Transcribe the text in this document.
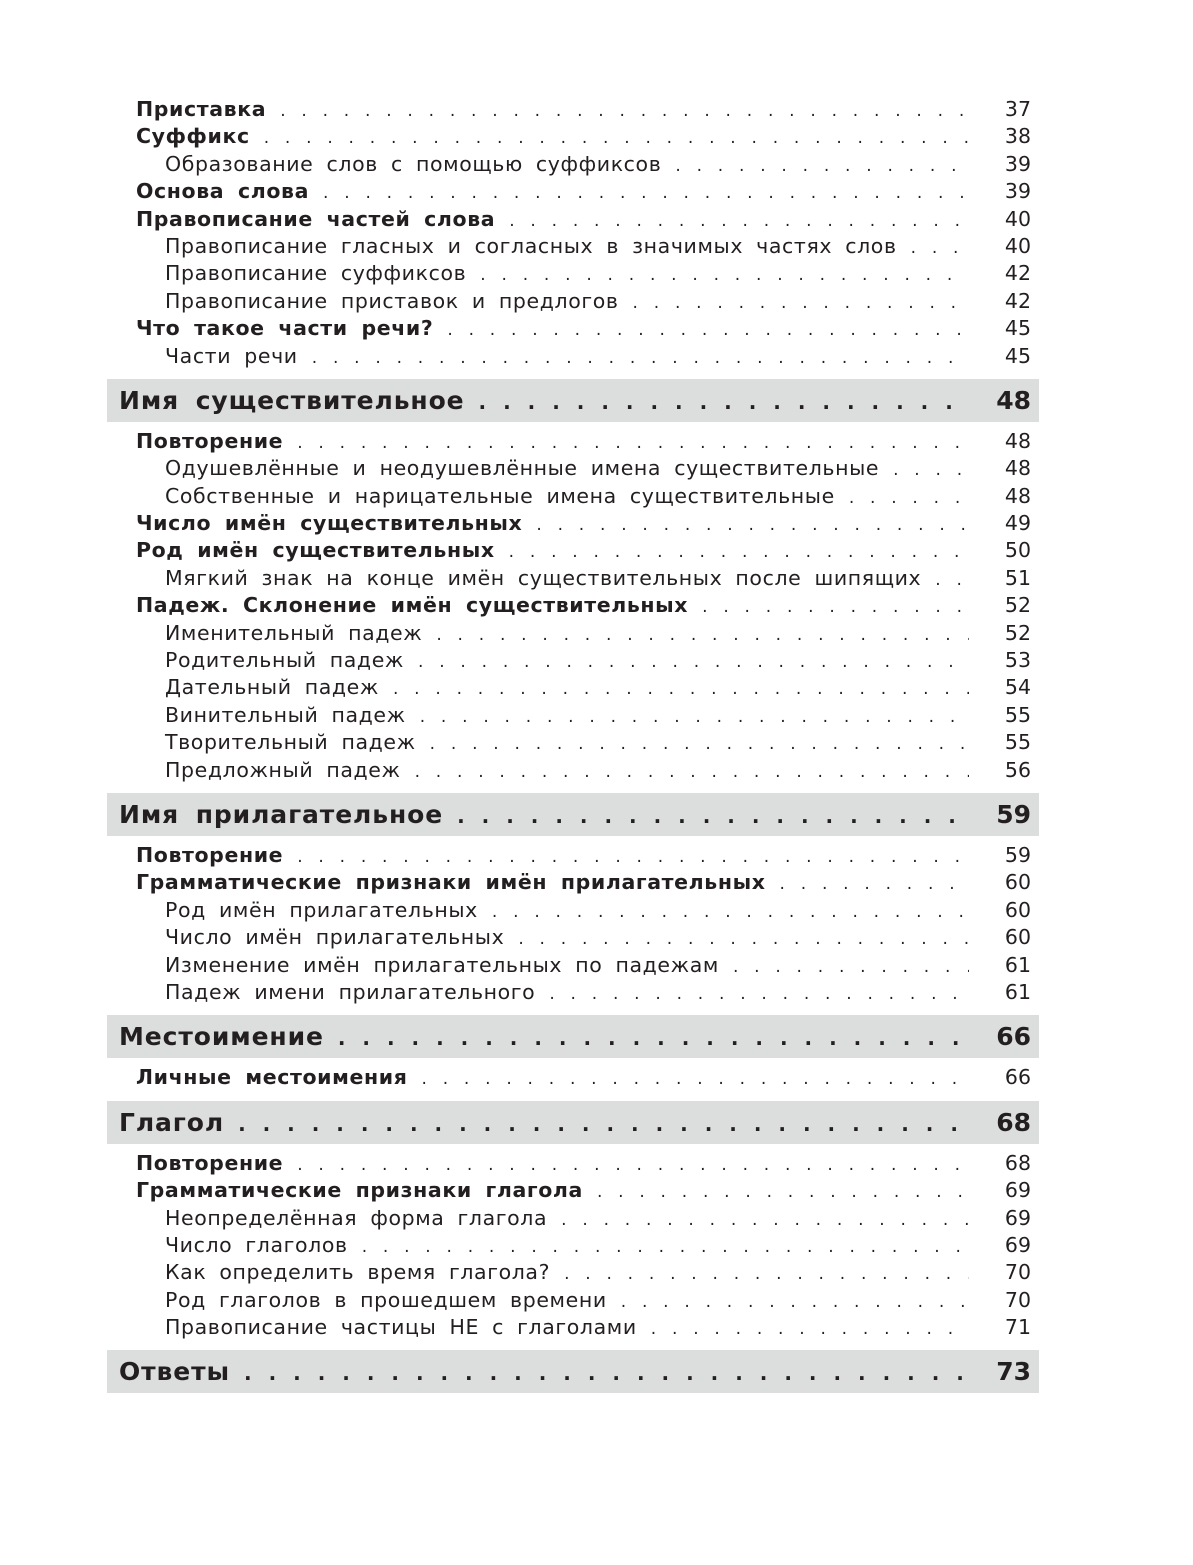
Приставка . . .	37
Суффикс . . .	38
Образование слов с помощью суффиксов . . .	39
Основа слова . . .	39
Правописание частей слова . . .	40
Правописание гласных и согласных в значимых частях слов . . .	40
Правописание суффиксов . . .	42
Правописание приставок и предлогов . . .	42
Что такое части речи? . . .	45
Части речи . . .	45
Имя существительное . . .	48
Повторение . . .	48
Одушевлённые и неодушевлённые имена существительные . . .	48
Собственные и нарицательные имена существительные . . .	48
Число имён существительных . . .	49
Род имён существительных . . .	50
Мягкий знак на конце имён существительных после шипящих . . .	51
Падеж. Склонение имён существительных . . .	52
Именительный падеж . . .	52
Родительный падеж . . .	53
Дательный падеж . . .	54
Винительный падеж . . .	55
Творительный падеж . . .	55
Предложный падеж . . .	56
Имя прилагательное . . .	59
Повторение . . .	59
Грамматические признаки имён прилагательных . . .	60
Род имён прилагательных . . .	60
Число имён прилагательных . . .	60
Изменение имён прилагательных по падежам . . .	61
Падеж имени прилагательного . . .	61
Местоимение . . .	66
Личные местоимения . . .	66
Глагол . . .	68
Повторение . . .	68
Грамматические признаки глагола . . .	69
Неопределённая форма глагола . . .	69
Число глаголов . . .	69
Как определить время глагола? . . .	70
Род глаголов в прошедшем времени . . .	70
Правописание частицы НЕ с глаголами . . .	71
Ответы . . .	73
